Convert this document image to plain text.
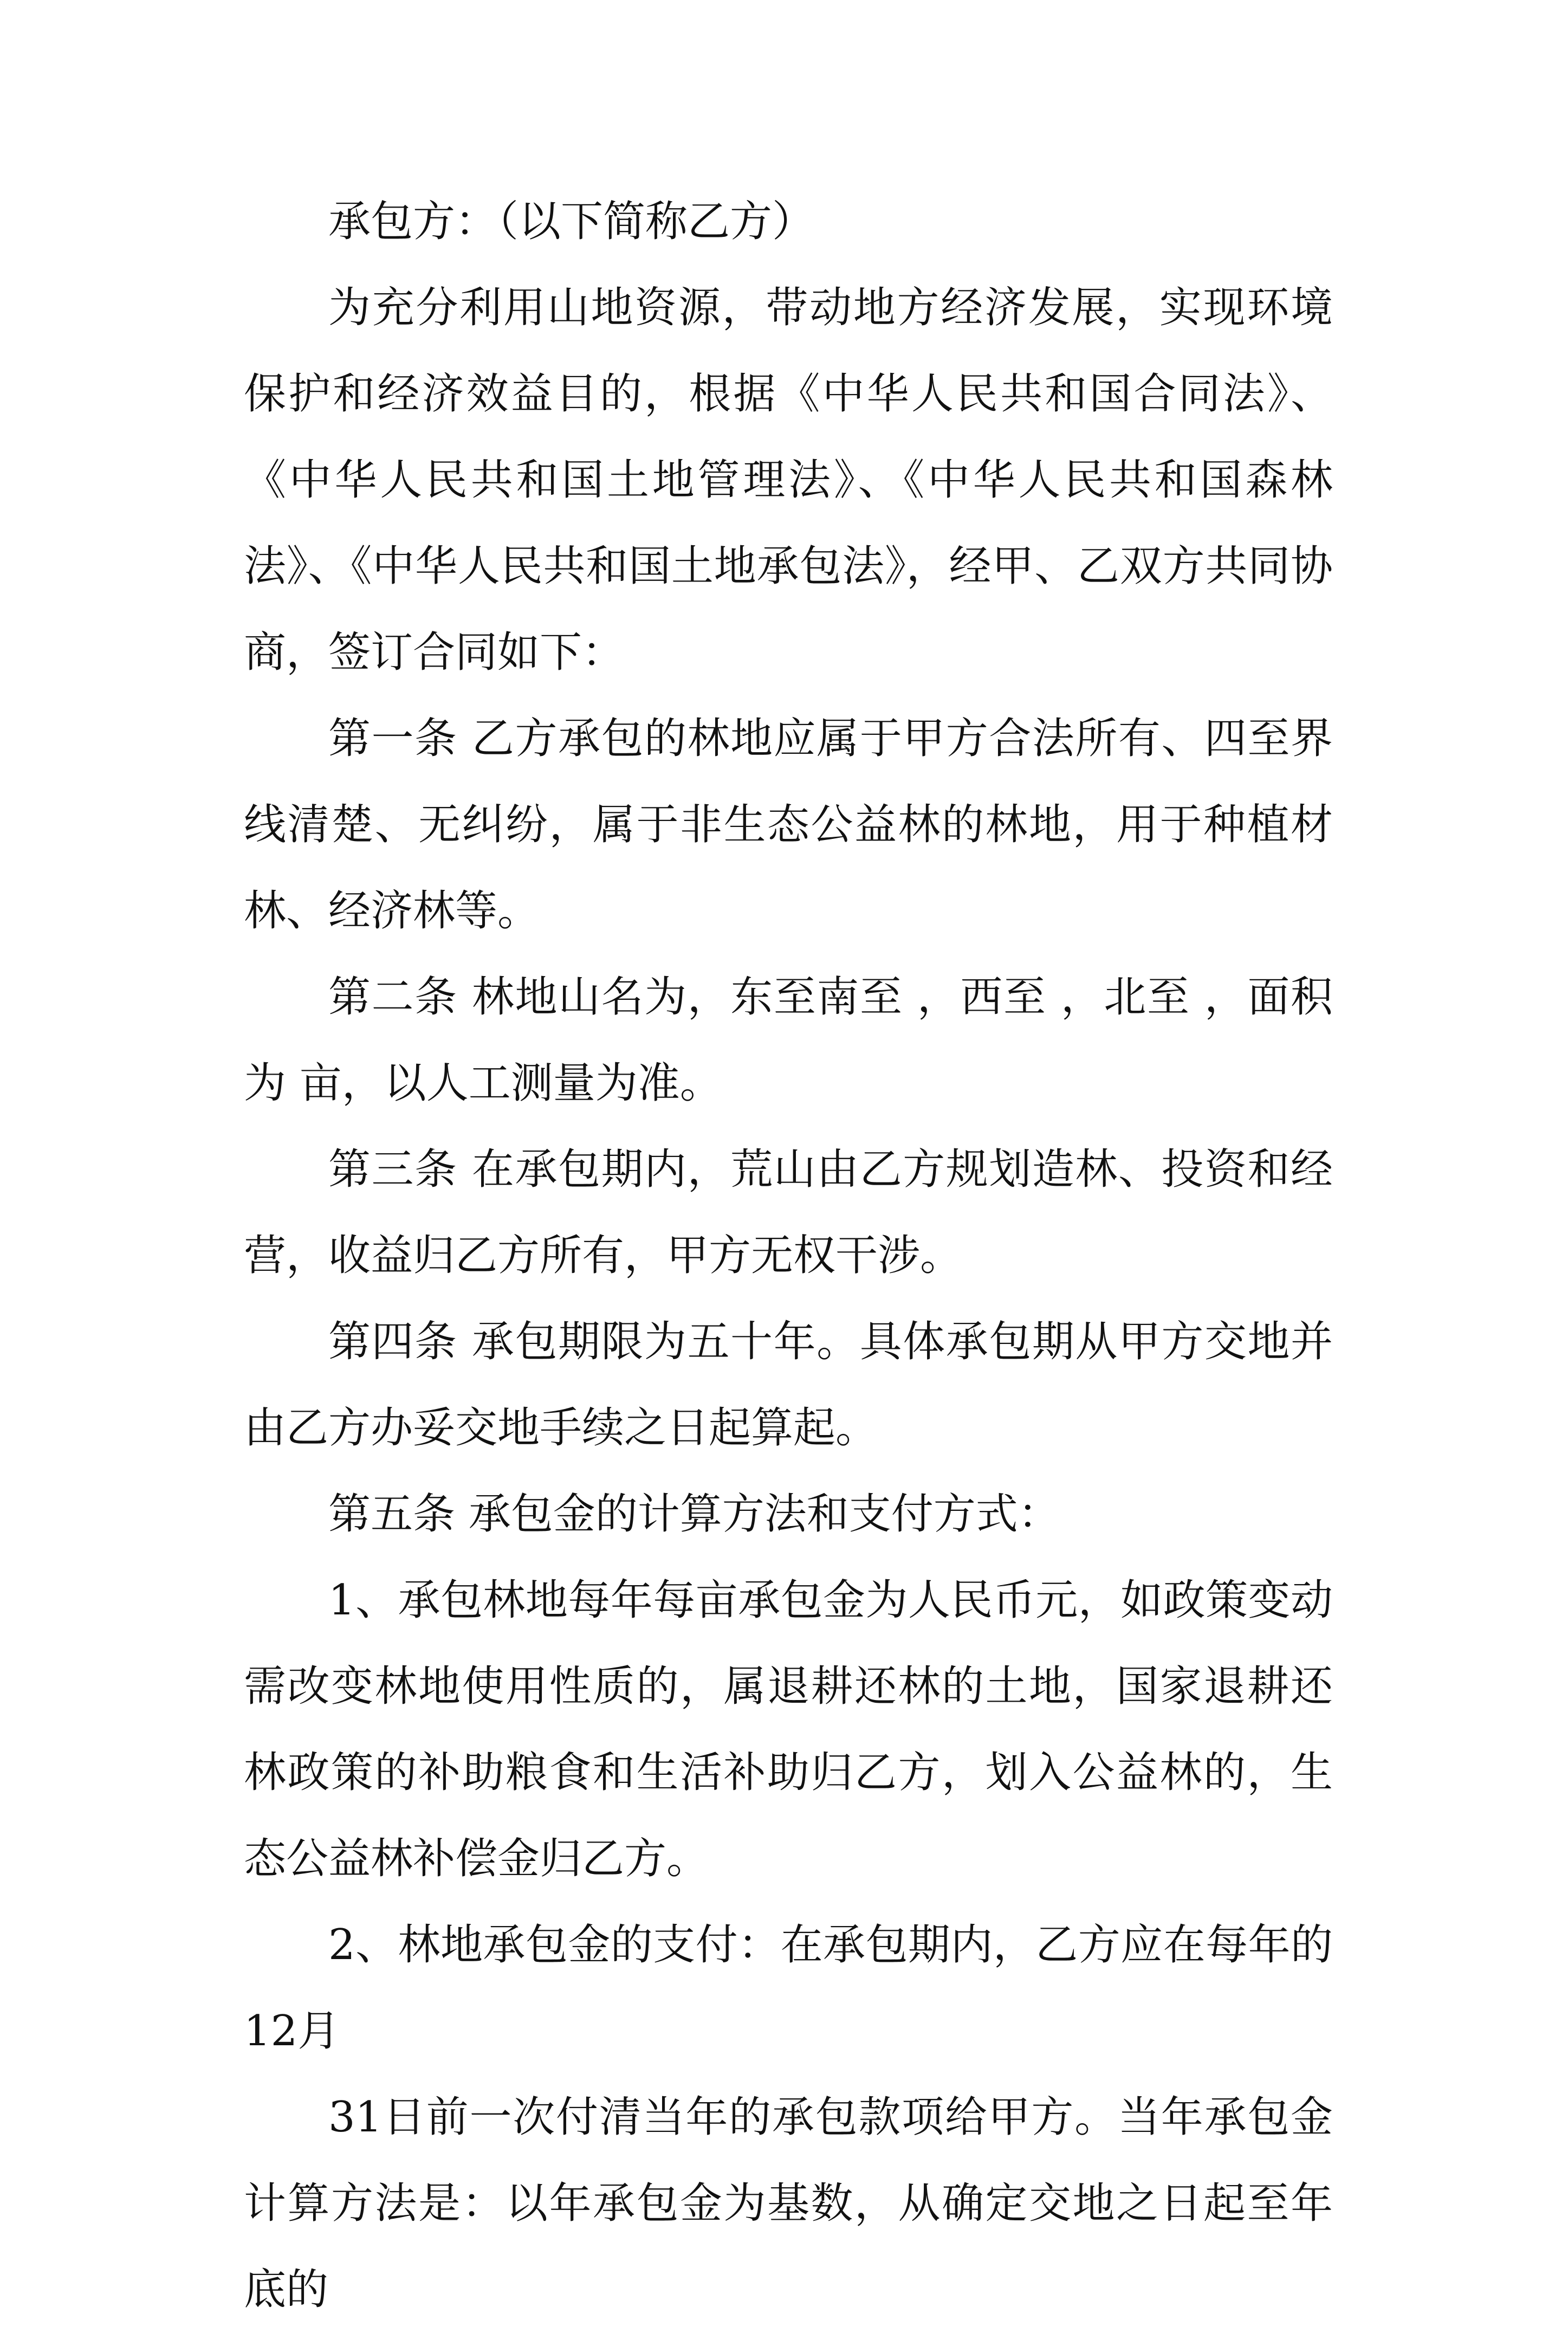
承包方：（以下简称乙方）

为充分利用山地资源，带动地方经济发展，实现环境保护和经济效益目的，根据《中华人民共和国合同法》、《中华人民共和国土地管理法》、《中华人民共和国森林法》、《中华人民共和国土地承包法》，经甲、乙双方共同协商，签订合同如下：

第一条 乙方承包的林地应属于甲方合法所有、四至界线清楚、无纠纷，属于非生态公益林的林地，用于种植材林、经济林等。

第二条 林地山名为，东至南至 ，西至 ，北至 ，面积为 亩，以人工测量为准。

第三条 在承包期内，荒山由乙方规划造林、投资和经营，收益归乙方所有，甲方无权干涉。

第四条 承包期限为五十年。具体承包期从甲方交地并由乙方办妥交地手续之日起算起。

第五条 承包金的计算方法和支付方式：

1、承包林地每年每亩承包金为人民币元，如政策变动需改变林地使用性质的，属退耕还林的土地，国家退耕还林政策的补助粮食和生活补助归乙方，划入公益林的，生态公益林补偿金归乙方。

2、林地承包金的支付：在承包期内，乙方应在每年的12月

31日前一次付清当年的承包款项给甲方。当年承包金计算方法是：以年承包金为基数，从确定交地之日起至年底的
